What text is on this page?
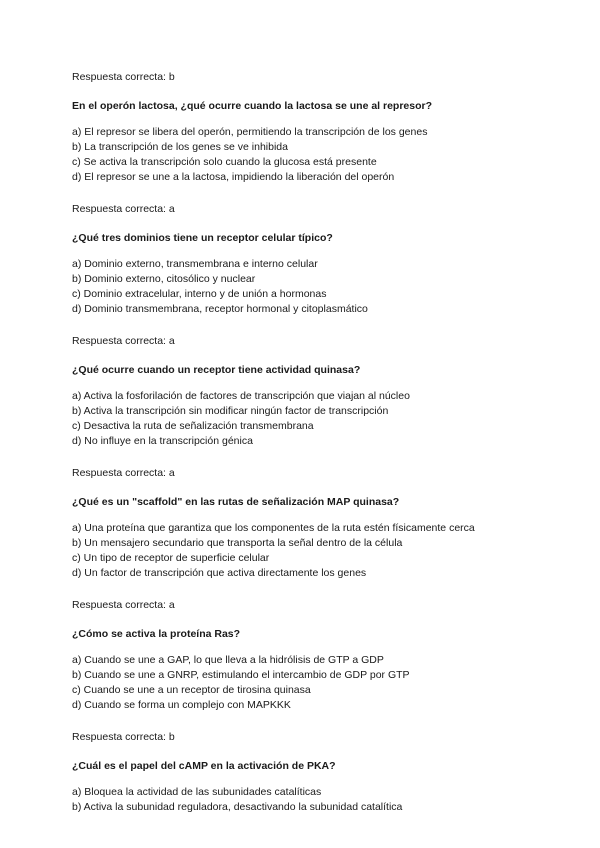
Respuesta correcta: b

En el operón lactosa, ¿qué ocurre cuando la lactosa se une al represor?

a) El represor se libera del operón, permitiendo la transcripción de los genes
b) La transcripción de los genes se ve inhibida
c) Se activa la transcripción solo cuando la glucosa está presente
d) El represor se une a la lactosa, impidiendo la liberación del operón

Respuesta correcta: a

¿Qué tres dominios tiene un receptor celular típico?

a) Dominio externo, transmembrana e interno celular
b) Dominio externo, citosólico y nuclear
c) Dominio extracelular, interno y de unión a hormonas
d) Dominio transmembrana, receptor hormonal y citoplasmático

Respuesta correcta: a

¿Qué ocurre cuando un receptor tiene actividad quinasa?

a) Activa la fosforilación de factores de transcripción que viajan al núcleo
b) Activa la transcripción sin modificar ningún factor de transcripción
c) Desactiva la ruta de señalización transmembrana
d) No influye en la transcripción génica

Respuesta correcta: a

¿Qué es un "scaffold" en las rutas de señalización MAP quinasa?

a) Una proteína que garantiza que los componentes de la ruta estén físicamente cerca
b) Un mensajero secundario que transporta la señal dentro de la célula
c) Un tipo de receptor de superficie celular
d) Un factor de transcripción que activa directamente los genes

Respuesta correcta: a

¿Cómo se activa la proteína Ras?

a) Cuando se une a GAP, lo que lleva a la hidrólisis de GTP a GDP
b) Cuando se une a GNRP, estimulando el intercambio de GDP por GTP
c) Cuando se une a un receptor de tirosina quinasa
d) Cuando se forma un complejo con MAPKKK

Respuesta correcta: b

¿Cuál es el papel del cAMP en la activación de PKA?

a) Bloquea la actividad de las subunidades catalíticas
b) Activa la subunidad reguladora, desactivando la subunidad catalítica
